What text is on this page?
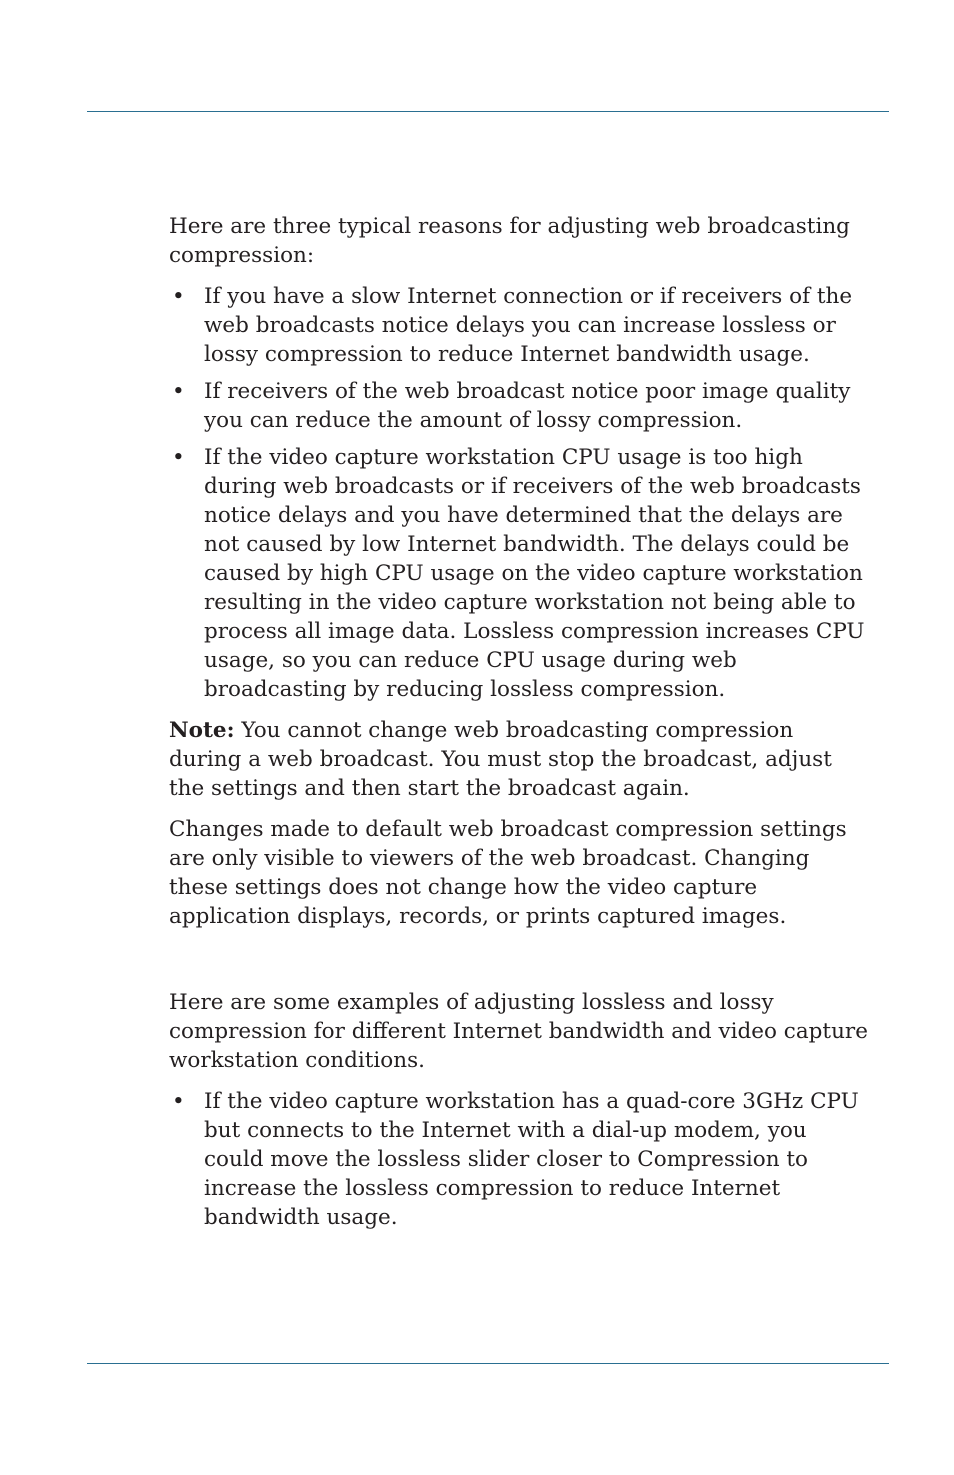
Here are three typical reasons for adjusting web broadcasting compression:

• If you have a slow Internet connection or if receivers of the web broadcasts notice delays you can increase lossless or lossy compression to reduce Internet bandwidth usage.
• If receivers of the web broadcast notice poor image quality you can reduce the amount of lossy compression.
• If the video capture workstation CPU usage is too high during web broadcasts or if receivers of the web broadcasts notice delays and you have determined that the delays are not caused by low Internet bandwidth. The delays could be caused by high CPU usage on the video capture workstation resulting in the video capture workstation not being able to process all image data. Lossless compression increases CPU usage, so you can reduce CPU usage during web broadcasting by reducing lossless compression.

Note: You cannot change web broadcasting compression during a web broadcast. You must stop the broadcast, adjust the settings and then start the broadcast again.

Changes made to default web broadcast compression settings are only visible to viewers of the web broadcast. Changing these settings does not change how the video capture application displays, records, or prints captured images.

Here are some examples of adjusting lossless and lossy compression for different Internet bandwidth and video capture workstation conditions.

• If the video capture workstation has a quad-core 3GHz CPU but connects to the Internet with a dial-up modem, you could move the lossless slider closer to Compression to increase the lossless compression to reduce Internet bandwidth usage.
